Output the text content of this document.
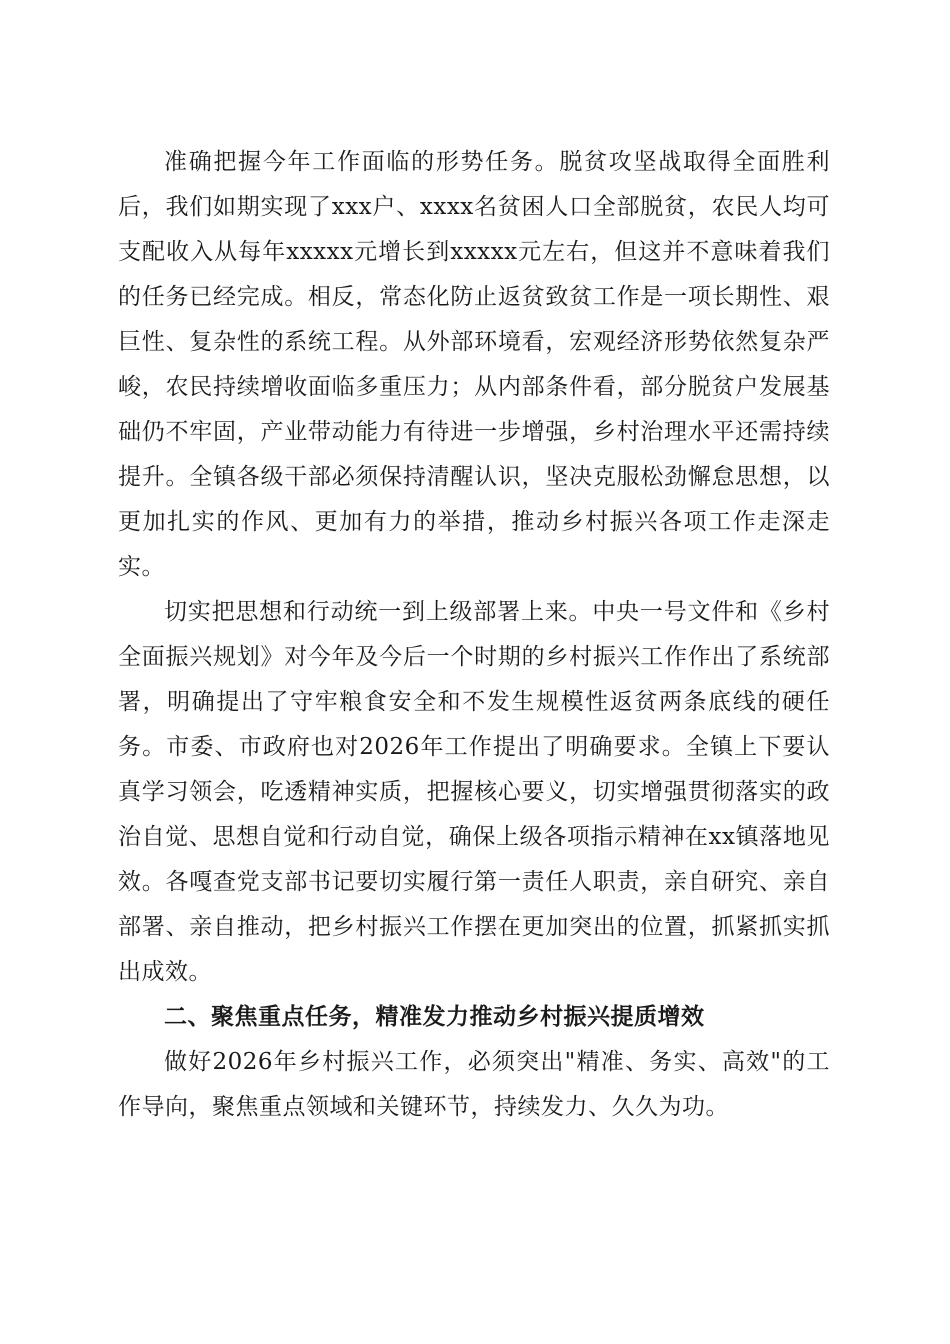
准确把握今年工作面临的形势任务。脱贫攻坚战取得全面胜利后，我们如期实现了xxx户、xxxx名贫困人口全部脱贫，农民人均可支配收入从每年xxxxx元增长到xxxxx元左右，但这并不意味着我们的任务已经完成。相反，常态化防止返贫致贫工作是一项长期性、艰巨性、复杂性的系统工程。从外部环境看，宏观经济形势依然复杂严峻，农民持续增收面临多重压力；从内部条件看，部分脱贫户发展基础仍不牢固，产业带动能力有待进一步增强，乡村治理水平还需持续提升。全镇各级干部必须保持清醒认识，坚决克服松劲懈怠思想，以更加扎实的作风、更加有力的举措，推动乡村振兴各项工作走深走实。

切实把思想和行动统一到上级部署上来。中央一号文件和《乡村全面振兴规划》对今年及今后一个时期的乡村振兴工作作出了系统部署，明确提出了守牢粮食安全和不发生规模性返贫两条底线的硬任务。市委、市政府也对2026年工作提出了明确要求。全镇上下要认真学习领会，吃透精神实质，把握核心要义，切实增强贯彻落实的政治自觉、思想自觉和行动自觉，确保上级各项指示精神在xx镇落地见效。各嘎查党支部书记要切实履行第一责任人职责，亲自研究、亲自部署、亲自推动，把乡村振兴工作摆在更加突出的位置，抓紧抓实抓出成效。

二、聚焦重点任务，精准发力推动乡村振兴提质增效

做好2026年乡村振兴工作，必须突出"精准、务实、高效"的工作导向，聚焦重点领域和关键环节，持续发力、久久为功。
